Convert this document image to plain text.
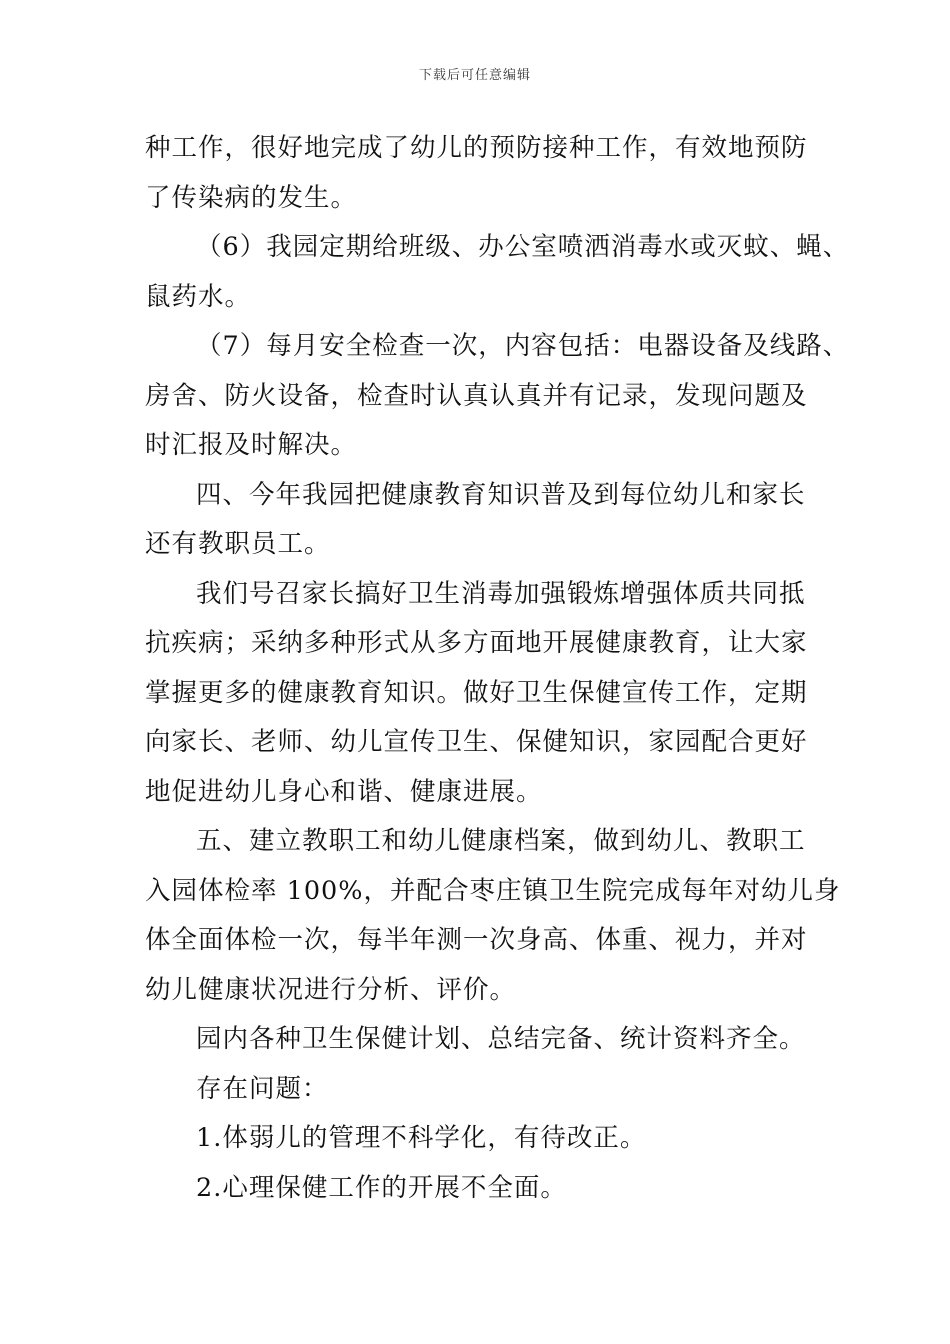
下载后可任意编辑
种工作，很好地完成了幼儿的预防接种工作，有效地预防
了传染病的发生。
（6）我园定期给班级、办公室喷洒消毒水或灭蚊、蝇、
鼠药水。
（7）每月安全检查一次，内容包括：电器设备及线路、
房舍、防火设备，检查时认真认真并有记录，发现问题及
时汇报及时解决。
四、今年我园把健康教育知识普及到每位幼儿和家长
还有教职员工。
我们号召家长搞好卫生消毒加强锻炼增强体质共同抵
抗疾病；采纳多种形式从多方面地开展健康教育，让大家
掌握更多的健康教育知识。做好卫生保健宣传工作，定期
向家长、老师、幼儿宣传卫生、保健知识，家园配合更好
地促进幼儿身心和谐、健康进展。
五、建立教职工和幼儿健康档案，做到幼儿、教职工
入园体检率 100%，并配合枣庄镇卫生院完成每年对幼儿身
体全面体检一次，每半年测一次身高、体重、视力，并对
幼儿健康状况进行分析、评价。
园内各种卫生保健计划、总结完备、统计资料齐全。
存在问题：
1.体弱儿的管理不科学化，有待改正。
2.心理保健工作的开展不全面。
